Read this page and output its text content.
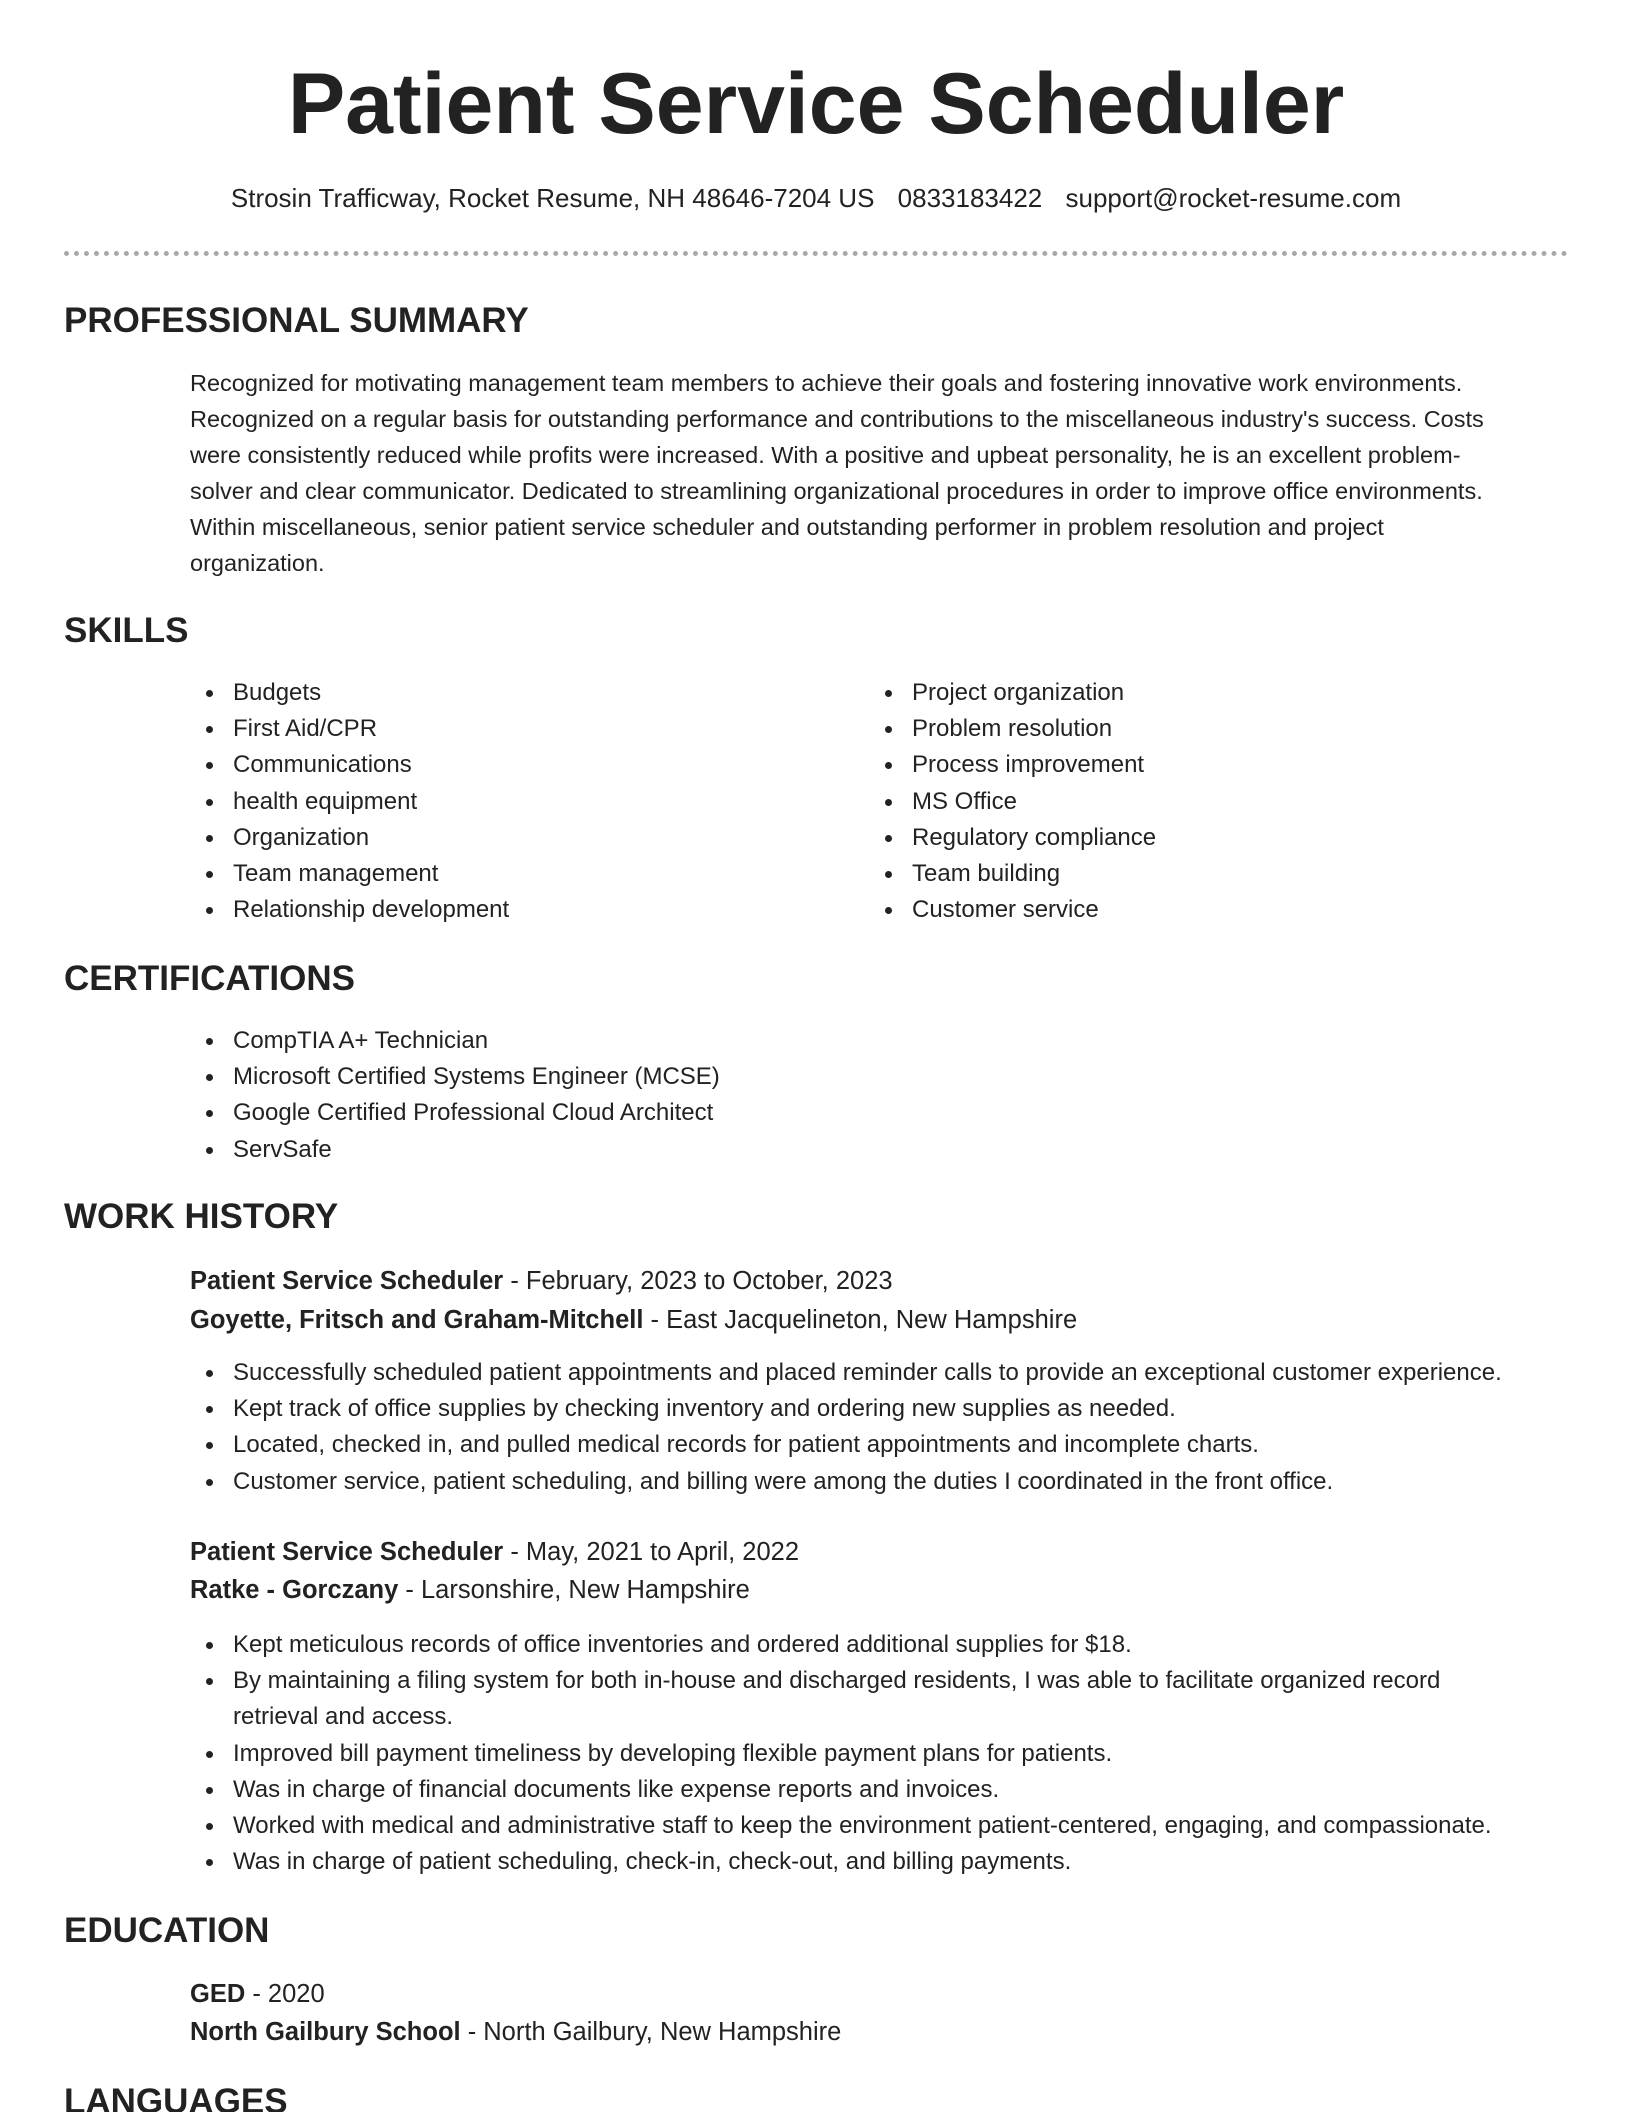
Patient Service Scheduler
Strosin Trafficway, Rocket Resume, NH 48646-7204 US 0833183422 support@rocket-resume.com
PROFESSIONAL SUMMARY
Recognized for motivating management team members to achieve their goals and fostering innovative work environments.
Recognized on a regular basis for outstanding performance and contributions to the miscellaneous industry's success. Costs
were consistently reduced while profits were increased. With a positive and upbeat personality, he is an excellent problem-
solver and clear communicator. Dedicated to streamlining organizational procedures in order to improve office environments.
Within miscellaneous, senior patient service scheduler and outstanding performer in problem resolution and project
organization.
SKILLS
Budgets
First Aid/CPR
Communications
health equipment
Organization
Team management
Relationship development
Project organization
Problem resolution
Process improvement
MS Office
Regulatory compliance
Team building
Customer service
CERTIFICATIONS
CompTIA A+ Technician
Microsoft Certified Systems Engineer (MCSE)
Google Certified Professional Cloud Architect
ServSafe
WORK HISTORY
Patient Service Scheduler - February, 2023 to October, 2023
Goyette, Fritsch and Graham-Mitchell - East Jacquelineton, New Hampshire
Successfully scheduled patient appointments and placed reminder calls to provide an exceptional customer experience.
Kept track of office supplies by checking inventory and ordering new supplies as needed.
Located, checked in, and pulled medical records for patient appointments and incomplete charts.
Customer service, patient scheduling, and billing were among the duties I coordinated in the front office.
Patient Service Scheduler - May, 2021 to April, 2022
Ratke - Gorczany - Larsonshire, New Hampshire
Kept meticulous records of office inventories and ordered additional supplies for $18.
By maintaining a filing system for both in-house and discharged residents, I was able to facilitate organized record
retrieval and access.
Improved bill payment timeliness by developing flexible payment plans for patients.
Was in charge of financial documents like expense reports and invoices.
Worked with medical and administrative staff to keep the environment patient-centered, engaging, and compassionate.
Was in charge of patient scheduling, check-in, check-out, and billing payments.
EDUCATION
GED - 2020
North Gailbury School - North Gailbury, New Hampshire
LANGUAGES
